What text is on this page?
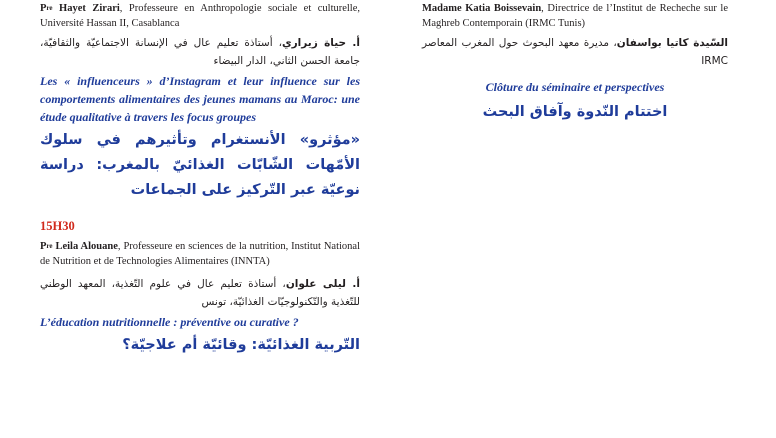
$P^{re}$ Hayet Zirari, Professeure en Anthropologie sociale et culturelle, Université Hassan II, Casablanca

أ. حياة زيراري، أستاذة تعليم عال في الإنسانة الاجتماعيّة والثقافيّة، جامعة الحسن الثاني، الدار البيضاء

Les « influenceurs » d’Instagram et leur influence sur les comportements alimentaires des jeunes mamans au Maroc: une étude qualitative à travers les focus groupes

«مؤثرو» الأنستغرام وتأثيرهم في سلوك الأمّهات الشّابّات الغذائيّ بالمغرب: دراسة نوعيّة عبر التّركيز على الجماعات

15H30

$P^{re}$ Leila Alouane, Professeure en sciences de la nutrition, Institut National de Nutrition et de Technologies Alimentaires (INNTA)

أ. ليلى علوان، أستاذة تعليم عال في علوم التّغذية، المعهد الوطني للتّغذية والتّكنولوجيّات الغذائيّة، تونس

L’éducation nutritionnelle : préventive ou curative ?

التّربية الغذائيّة: وقائيّة أم علاجيّة؟

Madame Katia Boissevain, Directrice de l’Institut de Recheche sur le Maghreb Contemporain (IRMC Tunis)

السّيدة كاتيا بواسفان، مديرة معهد البحوث حول المغرب المعاصر IRMC

Clôture du séminaire et perspectives

اختتام النّدوة وآفاق البحث
